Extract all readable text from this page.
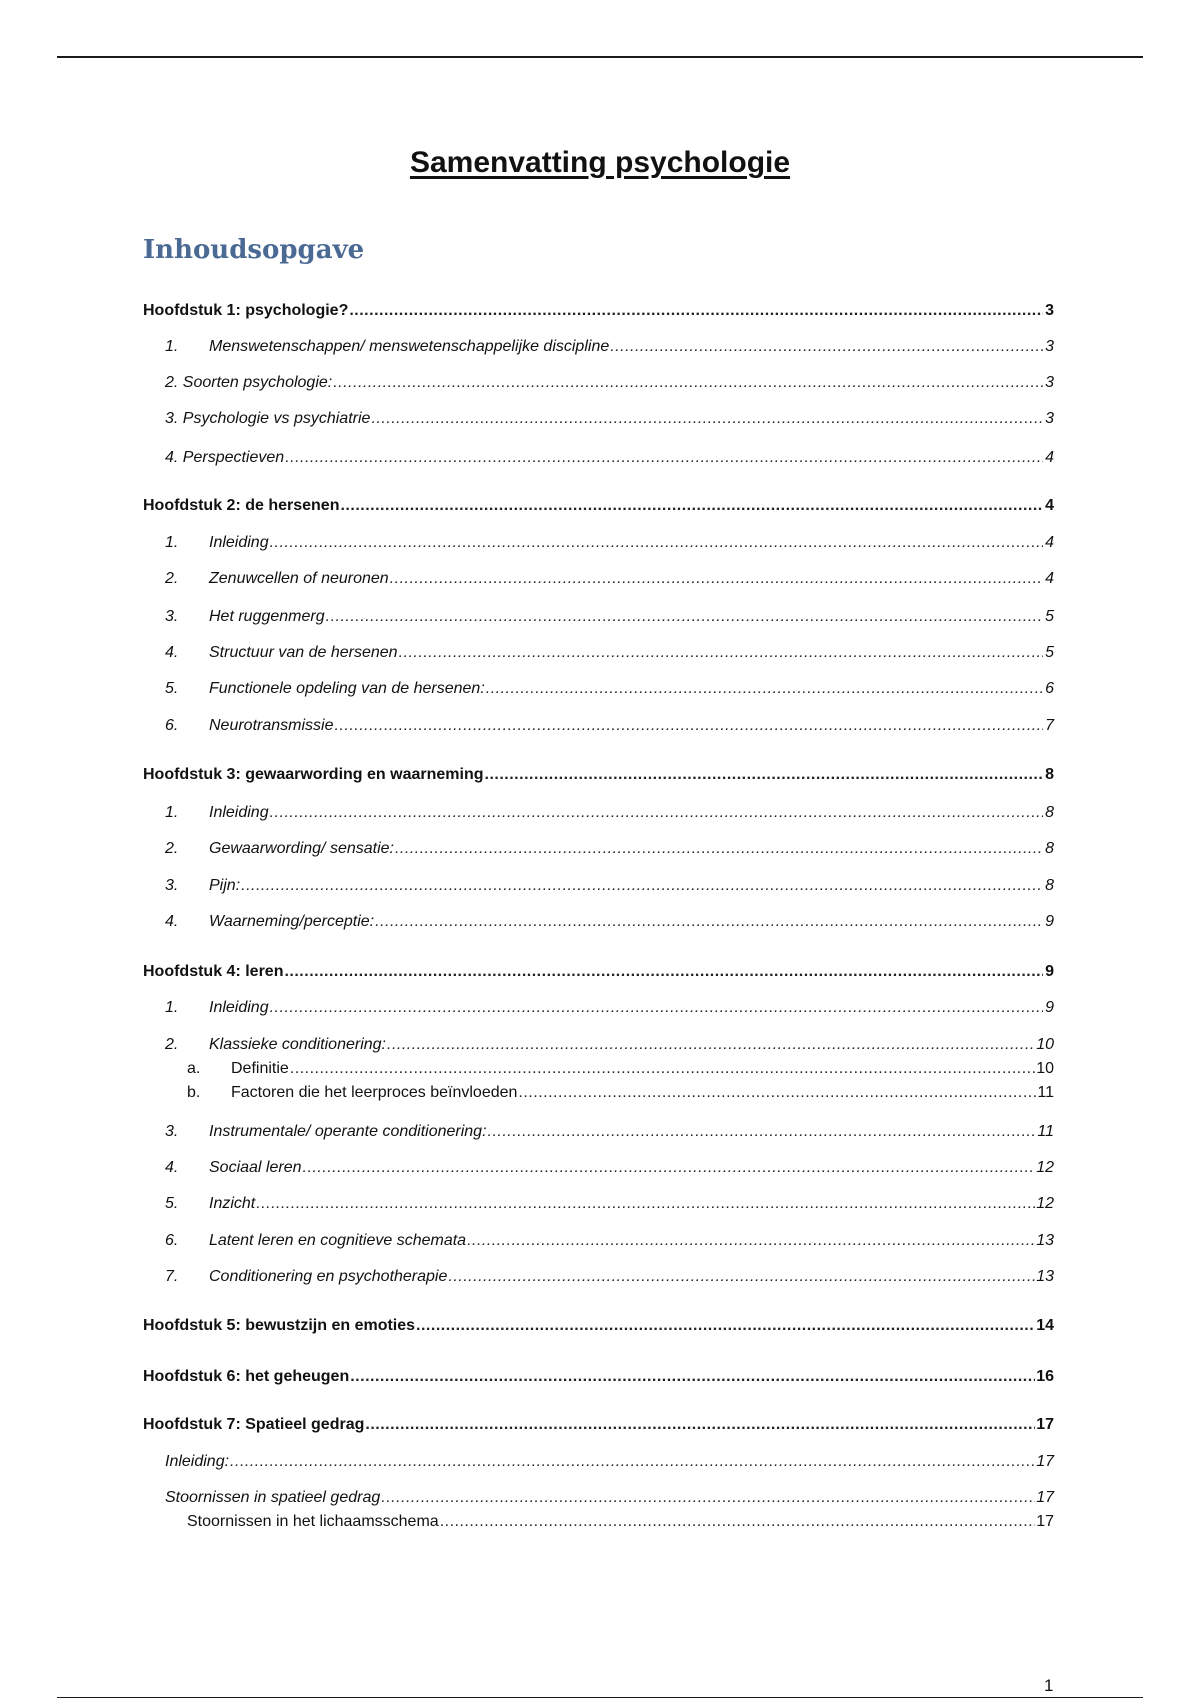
Samenvatting psychologie
Inhoudsopgave
Hoofdstuk 1: psychologie? .....	3
1.	Menswetenschappen/ menswetenschappelijke discipline .....	3
2. Soorten psychologie: .....	3
3. Psychologie vs psychiatrie .....	3
4. Perspectieven .....	4
Hoofdstuk 2: de hersenen .....	4
1.	Inleiding .....	4
2.	Zenuwcellen of neuronen .....	4
3.	Het ruggenmerg .....	5
4.	Structuur van de hersenen .....	5
5.	Functionele opdeling van de hersenen: .....	6
6.	Neurotransmissie .....	7
Hoofdstuk 3: gewaarwording en waarneming .....	8
1.	Inleiding .....	8
2.	Gewaarwording/ sensatie: .....	8
3.	Pijn: .....	8
4.	Waarneming/perceptie: .....	9
Hoofdstuk 4: leren .....	9
1.	Inleiding .....	9
2.	Klassieke conditionering: .....	10
a.	Definitie .....	10
b.	Factoren die het leerproces beïnvloeden .....	11
3.	Instrumentale/ operante conditionering: .....	11
4.	Sociaal leren .....	12
5.	Inzicht .....	12
6.	Latent leren en cognitieve schemata .....	13
7.	Conditionering en psychotherapie .....	13
Hoofdstuk 5: bewustzijn en emoties .....	14
Hoofdstuk 6: het geheugen .....	16
Hoofdstuk 7: Spatieel gedrag .....	17
Inleiding: .....	17
Stoornissen in spatieel gedrag .....	17
Stoornissen in het lichaamsschema .....	17
1
